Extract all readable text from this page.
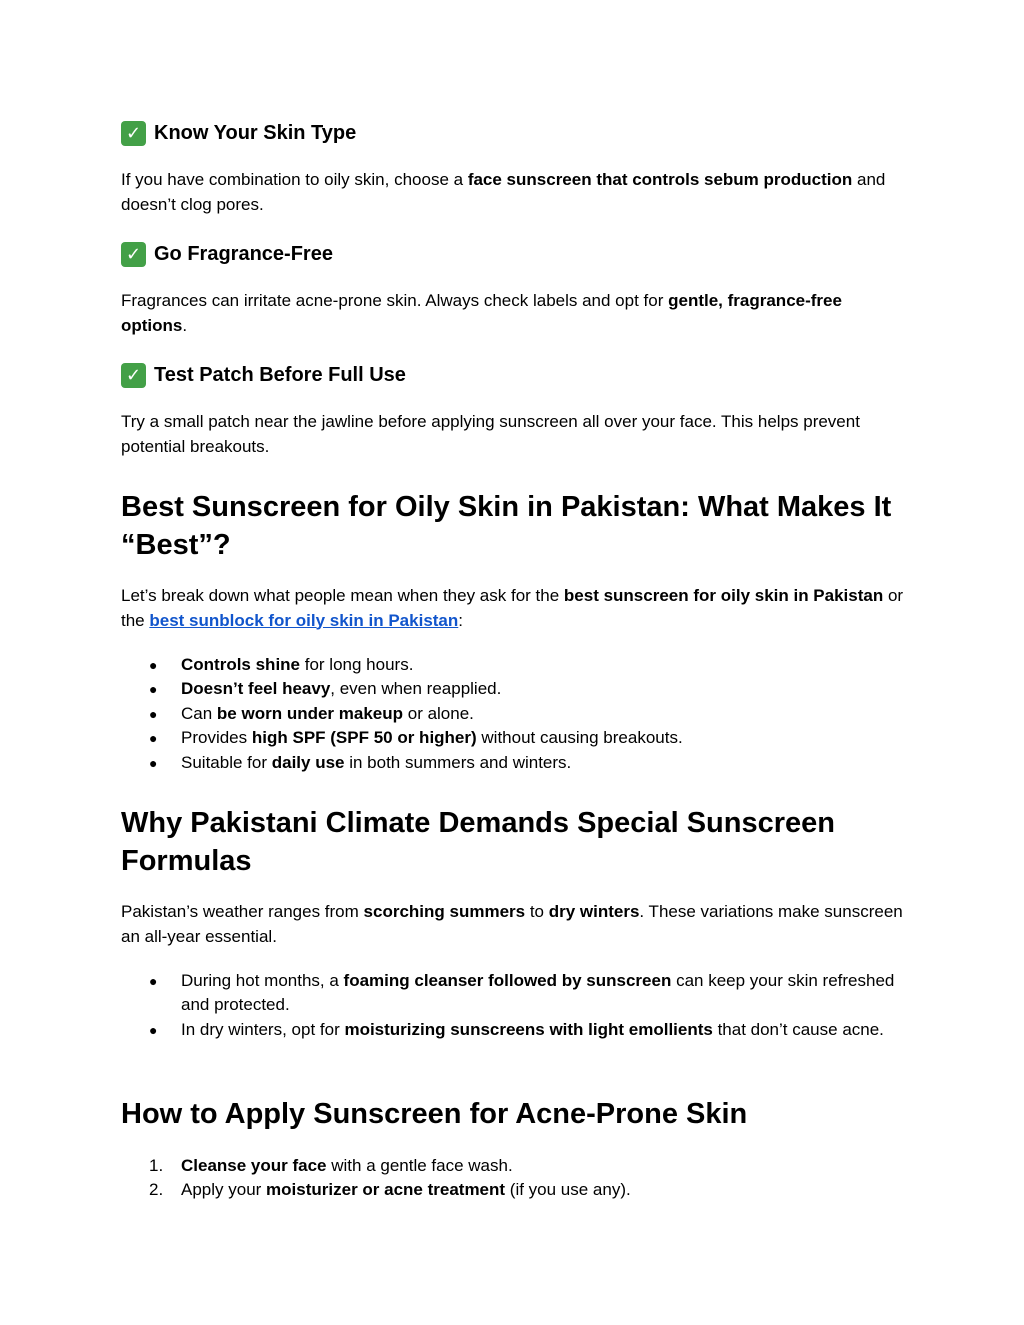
✓ Know Your Skin Type
If you have combination to oily skin, choose a face sunscreen that controls sebum production and doesn’t clog pores.
✓ Go Fragrance-Free
Fragrances can irritate acne-prone skin. Always check labels and opt for gentle, fragrance-free options.
✓ Test Patch Before Full Use
Try a small patch near the jawline before applying sunscreen all over your face. This helps prevent potential breakouts.
Best Sunscreen for Oily Skin in Pakistan: What Makes It “Best”?
Let’s break down what people mean when they ask for the best sunscreen for oily skin in Pakistan or the best sunblock for oily skin in Pakistan:
● Controls shine for long hours.
● Doesn’t feel heavy, even when reapplied.
● Can be worn under makeup or alone.
● Provides high SPF (SPF 50 or higher) without causing breakouts.
● Suitable for daily use in both summers and winters.
Why Pakistani Climate Demands Special Sunscreen Formulas
Pakistan’s weather ranges from scorching summers to dry winters. These variations make sunscreen an all-year essential.
● During hot months, a foaming cleanser followed by sunscreen can keep your skin refreshed and protected.
● In dry winters, opt for moisturizing sunscreens with light emollients that don’t cause acne.
How to Apply Sunscreen for Acne-Prone Skin
1. Cleanse your face with a gentle face wash.
2. Apply your moisturizer or acne treatment (if you use any).
